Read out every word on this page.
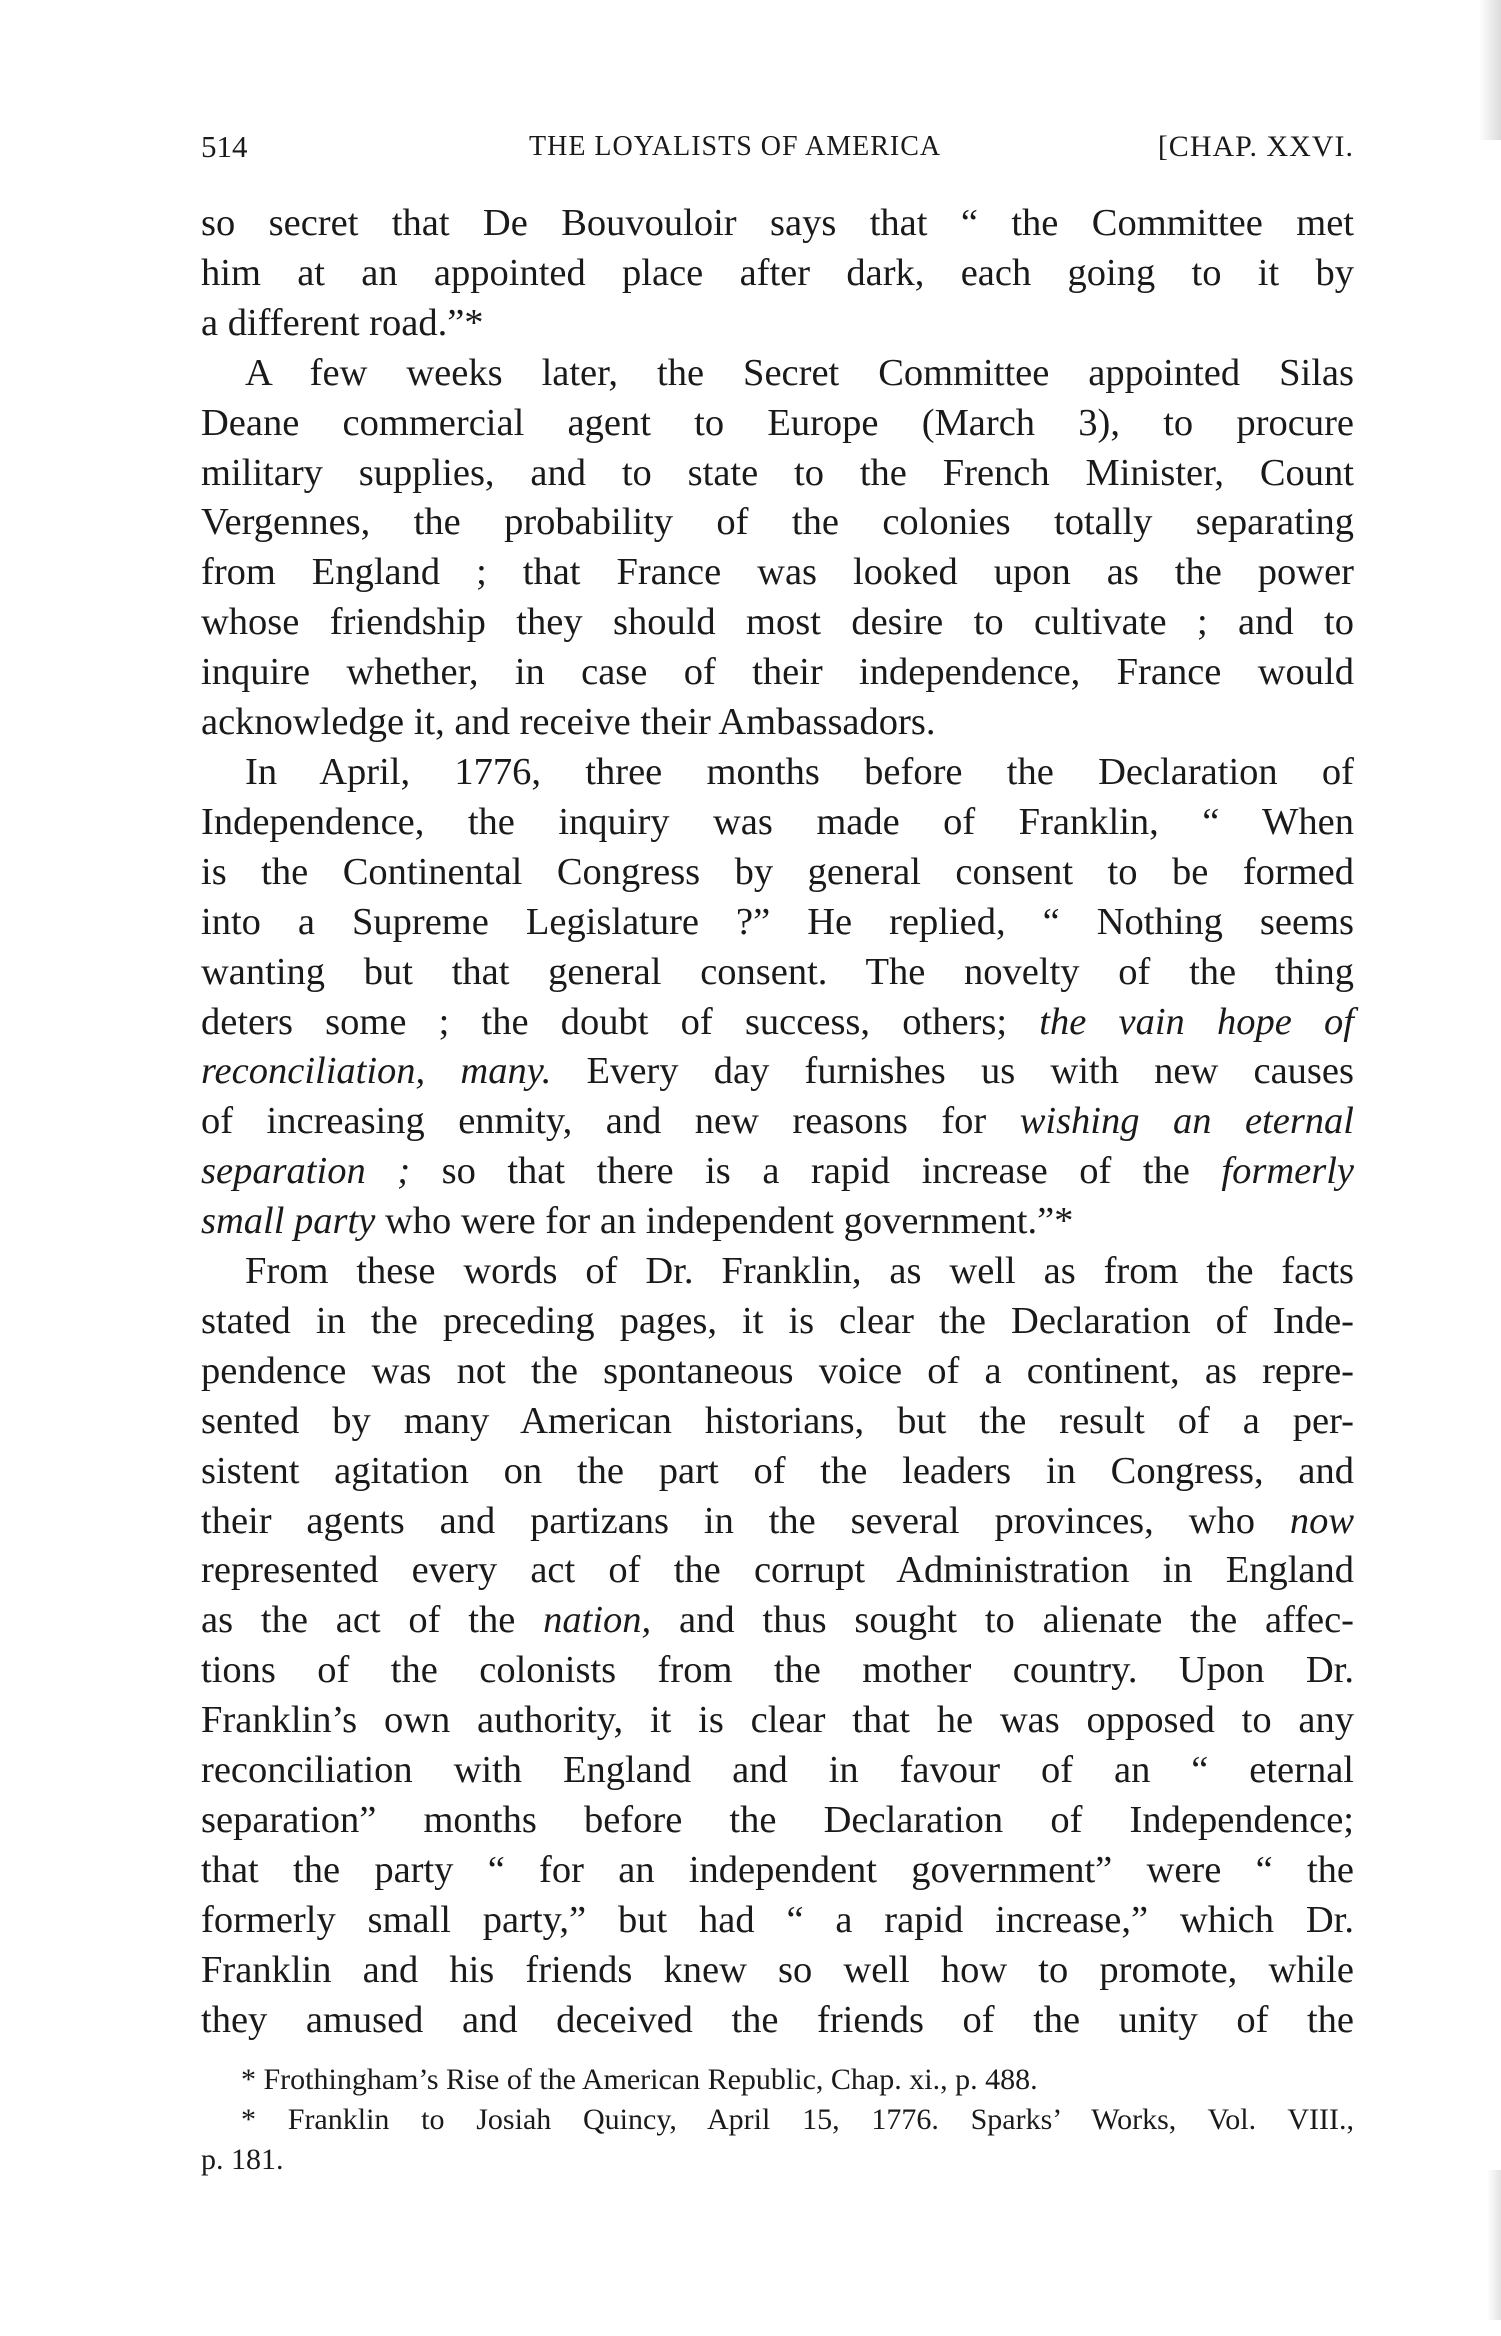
514	THE LOYALISTS OF AMERICA	[CHAP. XXVI.
so secret that De Bouvouloir says that “ the Committee met
him at an appointed place after dark, each going to it by
a different road.”*
A few weeks later, the Secret Committee appointed Silas
Deane commercial agent to Europe (March 3), to procure
military supplies, and to state to the French Minister, Count
Vergennes, the probability of the colonies totally separating
from England ; that France was looked upon as the power
whose friendship they should most desire to cultivate ; and to
inquire whether, in case of their independence, France would
acknowledge it, and receive their Ambassadors.
In April, 1776, three months before the Declaration of
Independence, the inquiry was made of Franklin, “ When
is the Continental Congress by general consent to be formed
into a Supreme Legislature ?” He replied, “ Nothing seems
wanting but that general consent. The novelty of the thing
deters some ; the doubt of success, others; the vain hope of
reconciliation, many. Every day furnishes us with new causes
of increasing enmity, and new reasons for wishing an eternal
separation ; so that there is a rapid increase of the formerly
small party who were for an independent government.”*
From these words of Dr. Franklin, as well as from the facts
stated in the preceding pages, it is clear the Declaration of Inde-
pendence was not the spontaneous voice of a continent, as repre-
sented by many American historians, but the result of a per-
sistent agitation on the part of the leaders in Congress, and
their agents and partizans in the several provinces, who now
represented every act of the corrupt Administration in England
as the act of the nation, and thus sought to alienate the affec-
tions of the colonists from the mother country. Upon Dr.
Franklin’s own authority, it is clear that he was opposed to any
reconciliation with England and in favour of an “ eternal
separation” months before the Declaration of Independence;
that the party “ for an independent government” were “ the
formerly small party,” but had “ a rapid increase,” which Dr.
Franklin and his friends knew so well how to promote, while
they amused and deceived the friends of the unity of the
* Frothingham’s Rise of the American Republic, Chap. xi., p. 488.
* Franklin to Josiah Quincy, April 15, 1776. Sparks’ Works, Vol. VIII.,
p. 181.
